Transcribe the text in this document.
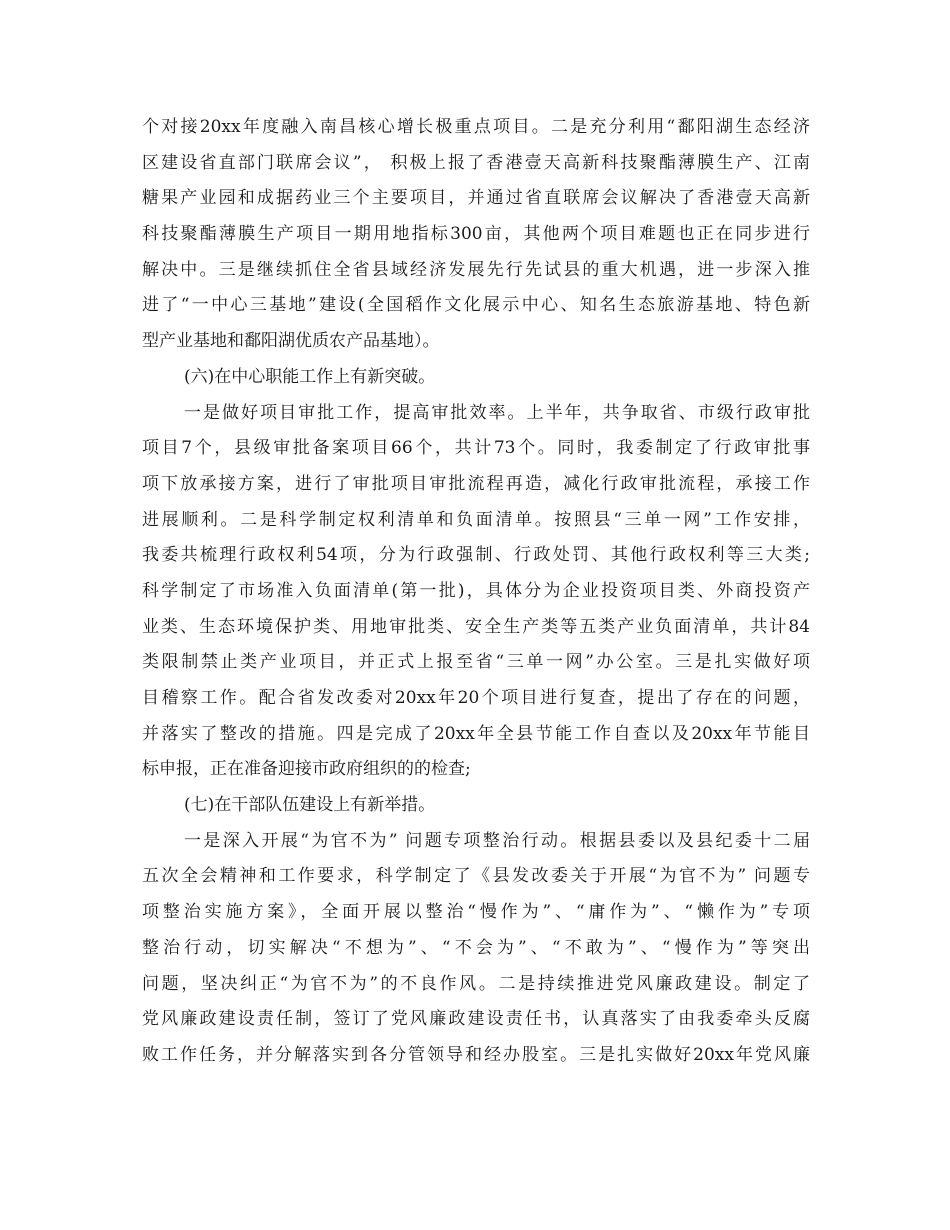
个对接20xx年度融入南昌核心增长极重点项目。二是充分利用“鄱阳湖生态经济
区建设省直部门联席会议”， 积极上报了香港壹天高新科技聚酯薄膜生产、江南
糖果产业园和成据药业三个主要项目，并通过省直联席会议解决了香港壹天高新
科技聚酯薄膜生产项目一期用地指标300亩，其他两个项目难题也正在同步进行
解决中。三是继续抓住全省县域经济发展先行先试县的重大机遇，进一步深入推
进了“一中心三基地”建设(全国稻作文化展示中心、知名生态旅游基地、特色新
型产业基地和鄱阳湖优质农产品基地）。
(六)在中心职能工作上有新突破。
一是做好项目审批工作，提高审批效率。上半年，共争取省、市级行政审批
项目7个，县级审批备案项目66个，共计73个。同时，我委制定了行政审批事
项下放承接方案，进行了审批项目审批流程再造，减化行政审批流程，承接工作
进展顺利。二是科学制定权利清单和负面清单。按照县“三单一网”工作安排，
我委共梳理行政权利54项，分为行政强制、行政处罚、其他行政权利等三大类;
科学制定了市场准入负面清单(第一批)，具体分为企业投资项目类、外商投资产
业类、生态环境保护类、用地审批类、安全生产类等五类产业负面清单，共计84
类限制禁止类产业项目，并正式上报至省“三单一网”办公室。三是扎实做好项
目稽察工作。配合省发改委对20xx年20个项目进行复查，提出了存在的问题，
并落实了整改的措施。四是完成了20xx年全县节能工作自查以及20xx年节能目
标申报，正在准备迎接市政府组织的的检查;
(七)在干部队伍建设上有新举措。
一是深入开展“为官不为” 问题专项整治行动。根据县委以及县纪委十二届
五次全会精神和工作要求，科学制定了《县发改委关于开展“为官不为” 问题专
项整治实施方案》，全面开展以整治“慢作为”、“庸作为”、“懒作为”专项
整治行动，切实解决“不想为”、“不会为”、“不敢为”、“慢作为”等突出
问题，坚决纠正“为官不为”的不良作风。二是持续推进党风廉政建设。制定了
党风廉政建设责任制，签订了党风廉政建设责任书，认真落实了由我委牵头反腐
败工作任务，并分解落实到各分管领导和经办股室。三是扎实做好20xx年党风廉
